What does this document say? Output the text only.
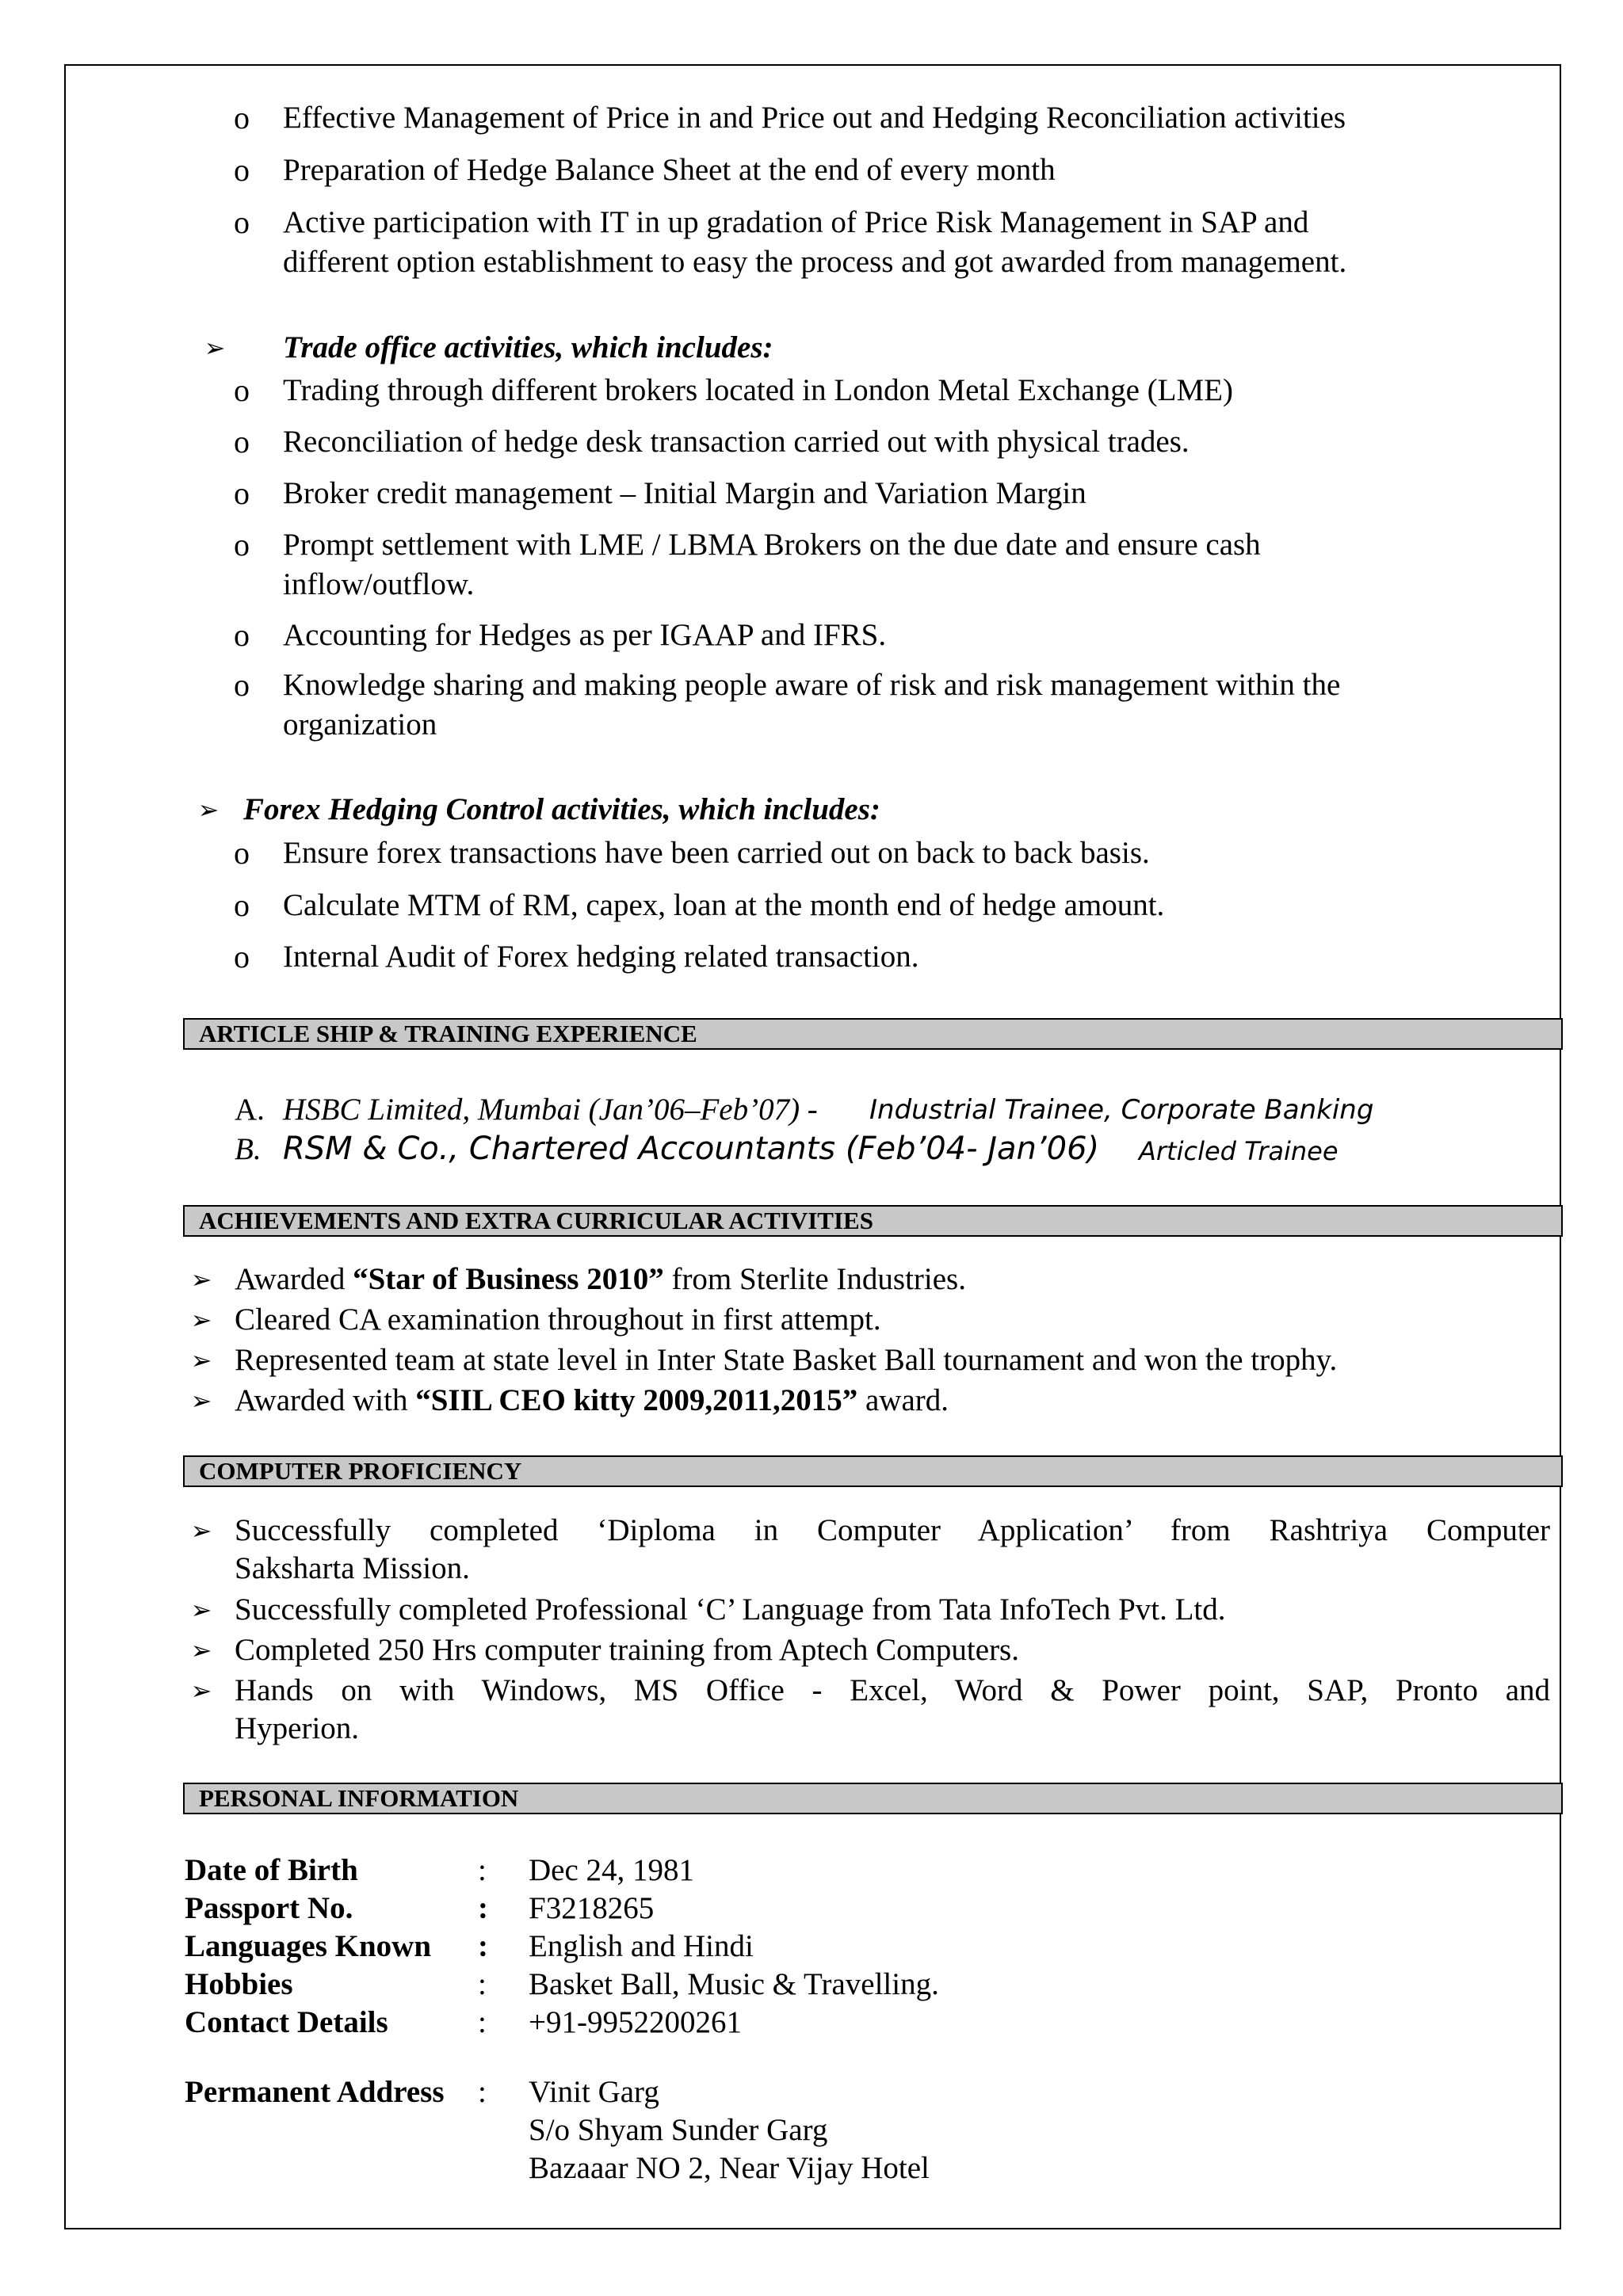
o Effective Management of Price in and Price out and Hedging Reconciliation activities
o Preparation of Hedge Balance Sheet at the end of every month
o Active participation with IT in up gradation of Price Risk Management in SAP and
different option establishment to easy the process and got awarded from management.
➢ Trade office activities, which includes:
o Trading through different brokers located in London Metal Exchange (LME)
o Reconciliation of hedge desk transaction carried out with physical trades.
o Broker credit management – Initial Margin and Variation Margin
o Prompt settlement with LME / LBMA Brokers on the due date and ensure cash
inflow/outflow.
o Accounting for Hedges as per IGAAP and IFRS.
o Knowledge sharing and making people aware of risk and risk management within the
organization
➢ Forex Hedging Control activities, which includes:
o Ensure forex transactions have been carried out on back to back basis.
o Calculate MTM of RM, capex, loan at the month end of hedge amount.
o Internal Audit of Forex hedging related transaction.
ARTICLE SHIP & TRAINING EXPERIENCE
A. HSBC Limited, Mumbai (Jan’06–Feb’07) - Industrial Trainee, Corporate Banking
B. RSM & Co., Chartered Accountants (Feb’04- Jan’06) Articled Trainee
ACHIEVEMENTS AND EXTRA CURRICULAR ACTIVITIES
➢ Awarded “Star of Business 2010” from Sterlite Industries.
➢ Cleared CA examination throughout in first attempt.
➢ Represented team at state level in Inter State Basket Ball tournament and won the trophy.
➢ Awarded with “SIIL CEO kitty 2009,2011,2015” award.
COMPUTER PROFICIENCY
➢ Successfully completed ‘Diploma in Computer Application’ from Rashtriya Computer
Saksharta Mission.
➢ Successfully completed Professional ‘C’ Language from Tata InfoTech Pvt. Ltd.
➢ Completed 250 Hrs computer training from Aptech Computers.
➢ Hands on with Windows, MS Office - Excel, Word & Power point, SAP, Pronto and
Hyperion.
PERSONAL INFORMATION
Date of Birth	: Dec 24, 1981
Passport No.	: F3218265
Languages Known : English and Hindi
Hobbies	: Basket Ball, Music & Travelling.
Contact Details	: +91-9952200261
Permanent Address : Vinit Garg
S/o Shyam Sunder Garg
Bazaaar NO 2, Near Vijay Hotel
